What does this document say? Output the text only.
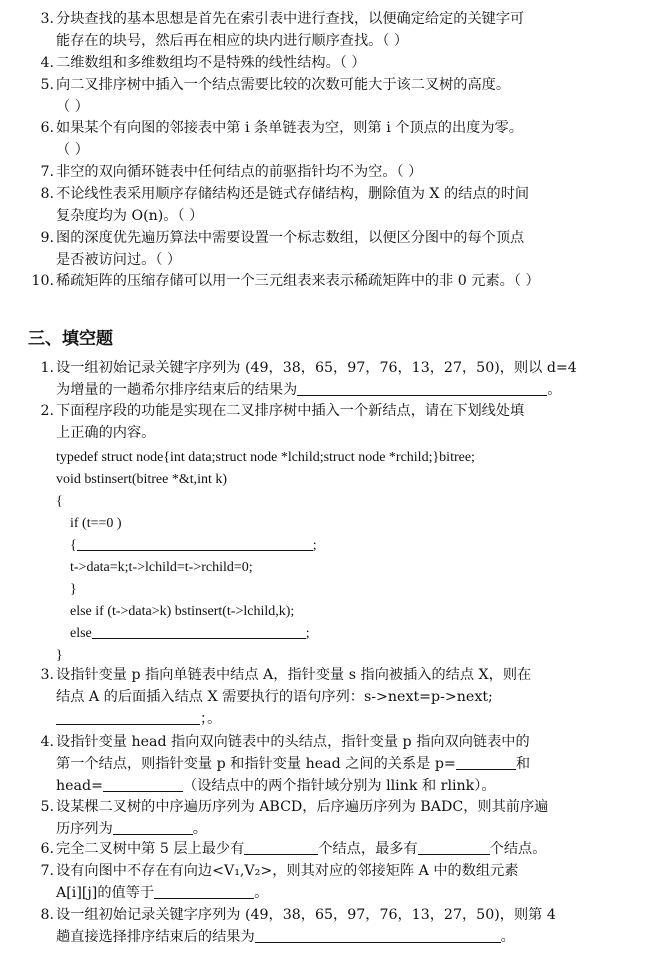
3. 分块查找的基本思想是首先在索引表中进行查找，以便确定给定的关键字可
能存在的块号，然后再在相应的块内进行顺序查找。（ ）
4. 二维数组和多维数组均不是特殊的线性结构。（ ）
5. 向二叉排序树中插入一个结点需要比较的次数可能大于该二叉树的高度。
（ ）
6. 如果某个有向图的邻接表中第 i 条单链表为空，则第 i 个顶点的出度为零。
（ ）
7. 非空的双向循环链表中任何结点的前驱指针均不为空。（ ）
8. 不论线性表采用顺序存储结构还是链式存储结构，删除值为 X 的结点的时间
复杂度均为 O(n)。（ ）
9. 图的深度优先遍历算法中需要设置一个标志数组，以便区分图中的每个顶点
是否被访问过。（ ）
10. 稀疏矩阵的压缩存储可以用一个三元组表来表示稀疏矩阵中的非 0 元素。（ ）
三、填空题
1. 设一组初始记录关键字序列为 (49，38，65，97，76，13，27，50)，则以 d=4
为增量的一趟希尔排序结束后的结果为	。
2. 下面程序段的功能是实现在二叉排序树中插入一个新结点，请在下划线处填
上正确的内容。
typedef struct node{int data;struct node *lchild;struct node *rchild;}bitree;
void bstinsert(bitree *&t,int k)
{
if (t==0 )
{	;
t->data=k;t->lchild=t->rchild=0;
}
else if (t->data>k) bstinsert(t->lchild,k);
else	;
}
3. 设指针变量 p 指向单链表中结点 A，指针变量 s 指向被插入的结点 X，则在
结点 A 的后面插入结点 X 需要执行的语句序列：s->next=p->next;
；。
4. 设指针变量 head 指向双向链表中的头结点，指针变量 p 指向双向链表中的
第一个结点，则指针变量 p 和指针变量 head 之间的关系是 p=	和
head=	（设结点中的两个指针域分别为 llink 和 rlink）。
5. 设某棵二叉树的中序遍历序列为 ABCD，后序遍历序列为 BADC，则其前序遍
历序列为	。
6. 完全二叉树中第 5 层上最少有	个结点，最多有	个结点。
7. 设有向图中不存在有向边<V₁,V₂>，则其对应的邻接矩阵 A 中的数组元素
A[i][j]的值等于	。
8. 设一组初始记录关键字序列为 (49，38，65，97，76，13，27，50)，则第 4
趟直接选择排序结束后的结果为	。
